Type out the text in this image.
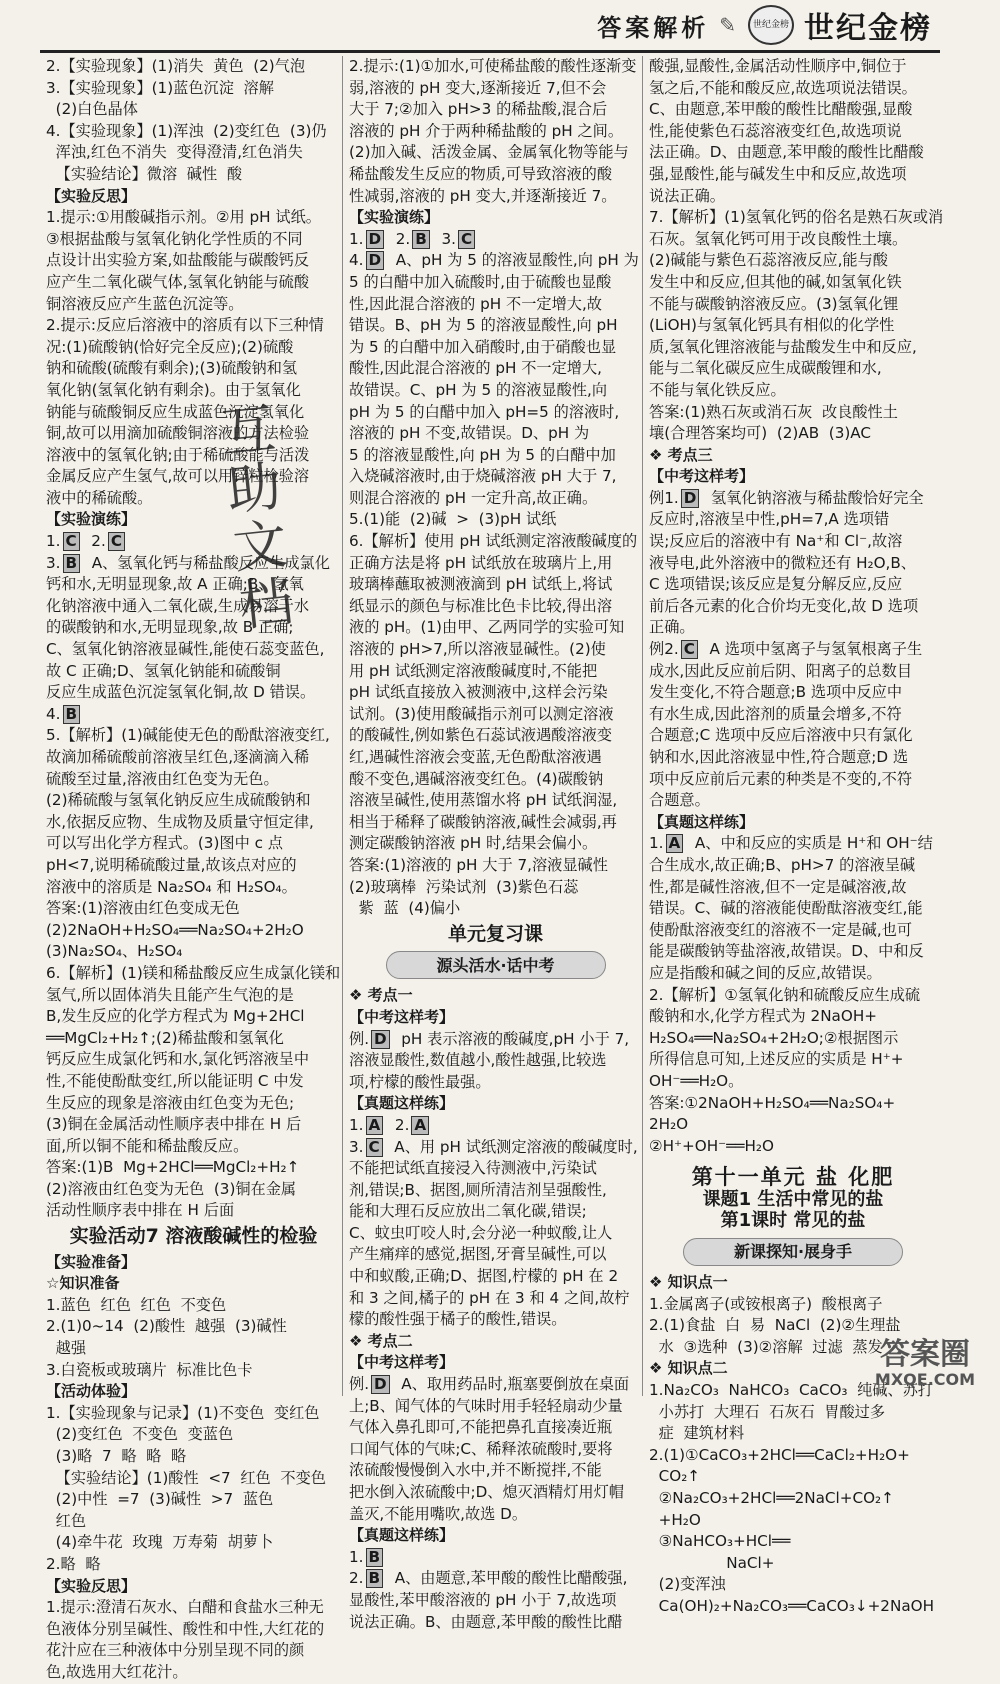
答案解析 ✎ 世纪金榜 世纪金榜
2.【实验现象】(1)消失  黄色  (2)气泡
3.【实验现象】(1)蓝色沉淀  溶解
(2)白色晶体
4.【实验现象】(1)浑浊  (2)变红色  (3)仍
浑浊,红色不消失  变得澄清,红色消失
【实验结论】微溶  碱性  酸
【实验反思】
1.提示:①用酸碱指示剂。②用 pH 试纸。
③根据盐酸与氢氧化钠化学性质的不同
点设计出实验方案,如盐酸能与碳酸钙反
应产生二氧化碳气体,氢氧化钠能与硫酸
铜溶液反应产生蓝色沉淀等。
2.提示:反应后溶液中的溶质有以下三种情
况:(1)硫酸钠(恰好完全反应);(2)硫酸
钠和硫酸(硫酸有剩余);(3)硫酸钠和氢
氧化钠(氢氧化钠有剩余)。由于氢氧化
钠能与硫酸铜反应生成蓝色沉淀氢氧化
铜,故可以用滴加硫酸铜溶液的方法检验
溶液中的氢氧化钠;由于稀硫酸能与活泼
金属反应产生氢气,故可以用锌粒检验溶
液中的稀硫酸。
【实验演练】
1. C  2. C
3. B  A、氢氧化钙与稀盐酸反应生成氯化
钙和水,无明显现象,故 A 正确;B、氢氧
化钠溶液中通入二氧化碳,生成易溶于水
的碳酸钠和水,无明显现象,故 B 正确;
C、氢氧化钠溶液显碱性,能使石蕊变蓝色,
故 C 正确;D、氢氧化钠能和硫酸铜
反应生成蓝色沉淀氢氧化铜,故 D 错误。
4. B
5.【解析】(1)碱能使无色的酚酞溶液变红,
故滴加稀硫酸前溶液呈红色,逐滴滴入稀
硫酸至过量,溶液由红色变为无色。
(2)稀硫酸与氢氧化钠反应生成硫酸钠和
水,依据反应物、生成物及质量守恒定律,
可以写出化学方程式。(3)图中 c 点
pH<7,说明稀硫酸过量,故该点对应的
溶液中的溶质是 Na₂SO₄ 和 H₂SO₄。
答案:(1)溶液由红色变成无色
(2)2NaOH+H₂SO₄══Na₂SO₄+2H₂O
(3)Na₂SO₄、H₂SO₄
6.【解析】(1)镁和稀盐酸反应生成氯化镁和
氢气,所以固体消失且能产生气泡的是
B,发生反应的化学方程式为 Mg+2HCl
══MgCl₂+H₂↑;(2)稀盐酸和氢氧化
钙反应生成氯化钙和水,氯化钙溶液呈中
性,不能使酚酞变红,所以能证明 C 中发
生反应的现象是溶液由红色变为无色;
(3)铜在金属活动性顺序表中排在 H 后
面,所以铜不能和稀盐酸反应。
答案:(1)B  Mg+2HCl══MgCl₂+H₂↑
(2)溶液由红色变为无色  (3)铜在金属
活动性顺序表中排在 H 后面
实验活动7 溶液酸碱性的检验
【实验准备】
☆知识准备
1.蓝色  红色  红色  不变色
2.(1)0~14  (2)酸性  越强  (3)碱性
越强
3.白瓷板或玻璃片  标准比色卡
【活动体验】
1.【实验现象与记录】(1)不变色  变红色
(2)变红色  不变色  变蓝色
(3)略  7  略  略  略
【实验结论】(1)酸性  <7  红色  不变色
(2)中性  =7  (3)碱性  >7  蓝色
红色
(4)牵牛花  玫瑰  万寿菊  胡萝卜
2.略  略
【实验反思】
1.提示:澄清石灰水、白醋和食盐水三种无
色液体分别呈碱性、酸性和中性,大红花的
花汁应在三种液体中分别呈现不同的颜
色,故选用大红花汁。
2.提示:(1)①加水,可使稀盐酸的酸性逐渐变
弱,溶液的 pH 变大,逐渐接近 7,但不会
大于 7;②加入 pH>3 的稀盐酸,混合后
溶液的 pH 介于两种稀盐酸的 pH 之间。
(2)加入碱、活泼金属、金属氧化物等能与
稀盐酸发生反应的物质,可导致溶液的酸
性减弱,溶液的 pH 变大,并逐渐接近 7。
【实验演练】
1. D  2. B  3. C
4. D  A、pH 为 5 的溶液显酸性,向 pH 为
5 的白醋中加入硫酸时,由于硫酸也显酸
性,因此混合溶液的 pH 不一定增大,故
错误。B、pH 为 5 的溶液显酸性,向 pH
为 5 的白醋中加入硝酸时,由于硝酸也显
酸性,因此混合溶液的 pH 不一定增大,
故错误。C、pH 为 5 的溶液显酸性,向
pH 为 5 的白醋中加入 pH=5 的溶液时,
溶液的 pH 不变,故错误。D、pH 为
5 的溶液显酸性,向 pH 为 5 的白醋中加
入烧碱溶液时,由于烧碱溶液 pH 大于 7,
则混合溶液的 pH 一定升高,故正确。
5.(1)能  (2)碱  >  (3)pH 试纸
6.【解析】使用 pH 试纸测定溶液酸碱度的
正确方法是将 pH 试纸放在玻璃片上,用
玻璃棒蘸取被测液滴到 pH 试纸上,将试
纸显示的颜色与标准比色卡比较,得出溶
液的 pH。(1)由甲、乙两同学的实验可知
溶液的 pH>7,所以溶液显碱性。(2)使
用 pH 试纸测定溶液酸碱度时,不能把
pH 试纸直接放入被测液中,这样会污染
试剂。(3)使用酸碱指示剂可以测定溶液
的酸碱性,例如紫色石蕊试液遇酸溶液变
红,遇碱性溶液会变蓝,无色酚酞溶液遇
酸不变色,遇碱溶液变红色。(4)碳酸钠
溶液呈碱性,使用蒸馏水将 pH 试纸润湿,
相当于稀释了碳酸钠溶液,碱性会减弱,再
测定碳酸钠溶液 pH 时,结果会偏小。
答案:(1)溶液的 pH 大于 7,溶液显碱性
(2)玻璃棒  污染试剂  (3)紫色石蕊
紫  蓝  (4)偏小
单元复习课
源头活水·话中考
❖ 考点一
【中考这样考】
例. D  pH 表示溶液的酸碱度,pH 小于 7,
溶液显酸性,数值越小,酸性越强,比较选
项,柠檬的酸性最强。
【真题这样练】
1. A  2. A
3. C  A、用 pH 试纸测定溶液的酸碱度时,
不能把试纸直接浸入待测液中,污染试
剂,错误;B、据图,厕所清洁剂呈强酸性,
能和大理石反应放出二氧化碳,错误;
C、蚊虫叮咬人时,会分泌一种蚁酸,让人
产生痛痒的感觉,据图,牙膏呈碱性,可以
中和蚁酸,正确;D、据图,柠檬的 pH 在 2
和 3 之间,橘子的 pH 在 3 和 4 之间,故柠
檬的酸性强于橘子的酸性,错误。
❖ 考点二
【中考这样考】
例. D  A、取用药品时,瓶塞要倒放在桌面
上;B、闻气体的气味时用手轻轻扇动少量
气体入鼻孔即可,不能把鼻孔直接凑近瓶
口闻气体的气味;C、稀释浓硫酸时,要将
浓硫酸慢慢倒入水中,并不断搅拌,不能
把水倒入浓硫酸中;D、熄灭酒精灯用灯帽
盖灭,不能用嘴吹,故选 D。
【真题这样练】
1. B
2. B  A、由题意,苯甲酸的酸性比醋酸强,
显酸性,苯甲酸溶液的 pH 小于 7,故选项
说法正确。B、由题意,苯甲酸的酸性比醋
酸强,显酸性,金属活动性顺序中,铜位于
氢之后,不能和酸反应,故选项说法错误。
C、由题意,苯甲酸的酸性比醋酸强,显酸
性,能使紫色石蕊溶液变红色,故选项说
法正确。D、由题意,苯甲酸的酸性比醋酸
强,显酸性,能与碱发生中和反应,故选项
说法正确。
7.【解析】(1)氢氧化钙的俗名是熟石灰或消
石灰。氢氧化钙可用于改良酸性土壤。
(2)碱能与紫色石蕊溶液反应,能与酸
发生中和反应,但其他的碱,如氢氧化铁
不能与碳酸钠溶液反应。(3)氢氧化锂
(LiOH)与氢氧化钙具有相似的化学性
质,氢氧化锂溶液能与盐酸发生中和反应,
能与二氧化碳反应生成碳酸锂和水,
不能与氧化铁反应。
答案:(1)熟石灰或消石灰  改良酸性土
壤(合理答案均可)  (2)AB  (3)AC
❖ 考点三
【中考这样考】
例1. D  氢氧化钠溶液与稀盐酸恰好完全
反应时,溶液呈中性,pH=7,A 选项错
误;反应后的溶液中有 Na⁺和 Cl⁻,故溶
液导电,此外溶液中的微粒还有 H₂O,B、
C 选项错误;该反应是复分解反应,反应
前后各元素的化合价均无变化,故 D 选项
正确。
例2. C  A 选项中氢离子与氢氧根离子生
成水,因此反应前后阴、阳离子的总数目
发生变化,不符合题意;B 选项中反应中
有水生成,因此溶剂的质量会增多,不符
合题意;C 选项中反应后溶液中只有氯化
钠和水,因此溶液显中性,符合题意;D 选
项中反应前后元素的种类是不变的,不符
合题意。
【真题这样练】
1. A  A、中和反应的实质是 H⁺和 OH⁻结
合生成水,故正确;B、pH>7 的溶液呈碱
性,都是碱性溶液,但不一定是碱溶液,故
错误。C、碱的溶液能使酚酞溶液变红,能
使酚酞溶液变红的溶液不一定是碱,也可
能是碳酸钠等盐溶液,故错误。D、中和反
应是指酸和碱之间的反应,故错误。
2.【解析】①氢氧化钠和硫酸反应生成硫
酸钠和水,化学方程式为 2NaOH+
H₂SO₄══Na₂SO₄+2H₂O;②根据图示
所得信息可知,上述反应的实质是 H⁺+
OH⁻══H₂O。
答案:①2NaOH+H₂SO₄══Na₂SO₄+
2H₂O
②H⁺+OH⁻══H₂O
第十一单元 盐 化肥
课题1 生活中常见的盐
第1课时 常见的盐
新课探知·展身手
❖ 知识点一
1.金属离子(或铵根离子)  酸根离子
2.(1)食盐  白  易  NaCl  (2)②生理盐
水  ③选种  (3)②溶解  过滤  蒸发
❖ 知识点二
1.Na₂CO₃  NaHCO₃  CaCO₃  纯碱、苏打
小苏打  大理石  石灰石  胃酸过多
症  建筑材料
2.(1)①CaCO₃+2HCl══CaCl₂+H₂O+
CO₂↑
②Na₂CO₃+2HCl══2NaCl+CO₂↑
+H₂O
③NaHCO₃+HCl══
NaCl+
(2)变浑浊
Ca(OH)₂+Na₂CO₃══CaCO₃↓+2NaOH
互助文档
答案圈
MXQE.COM
